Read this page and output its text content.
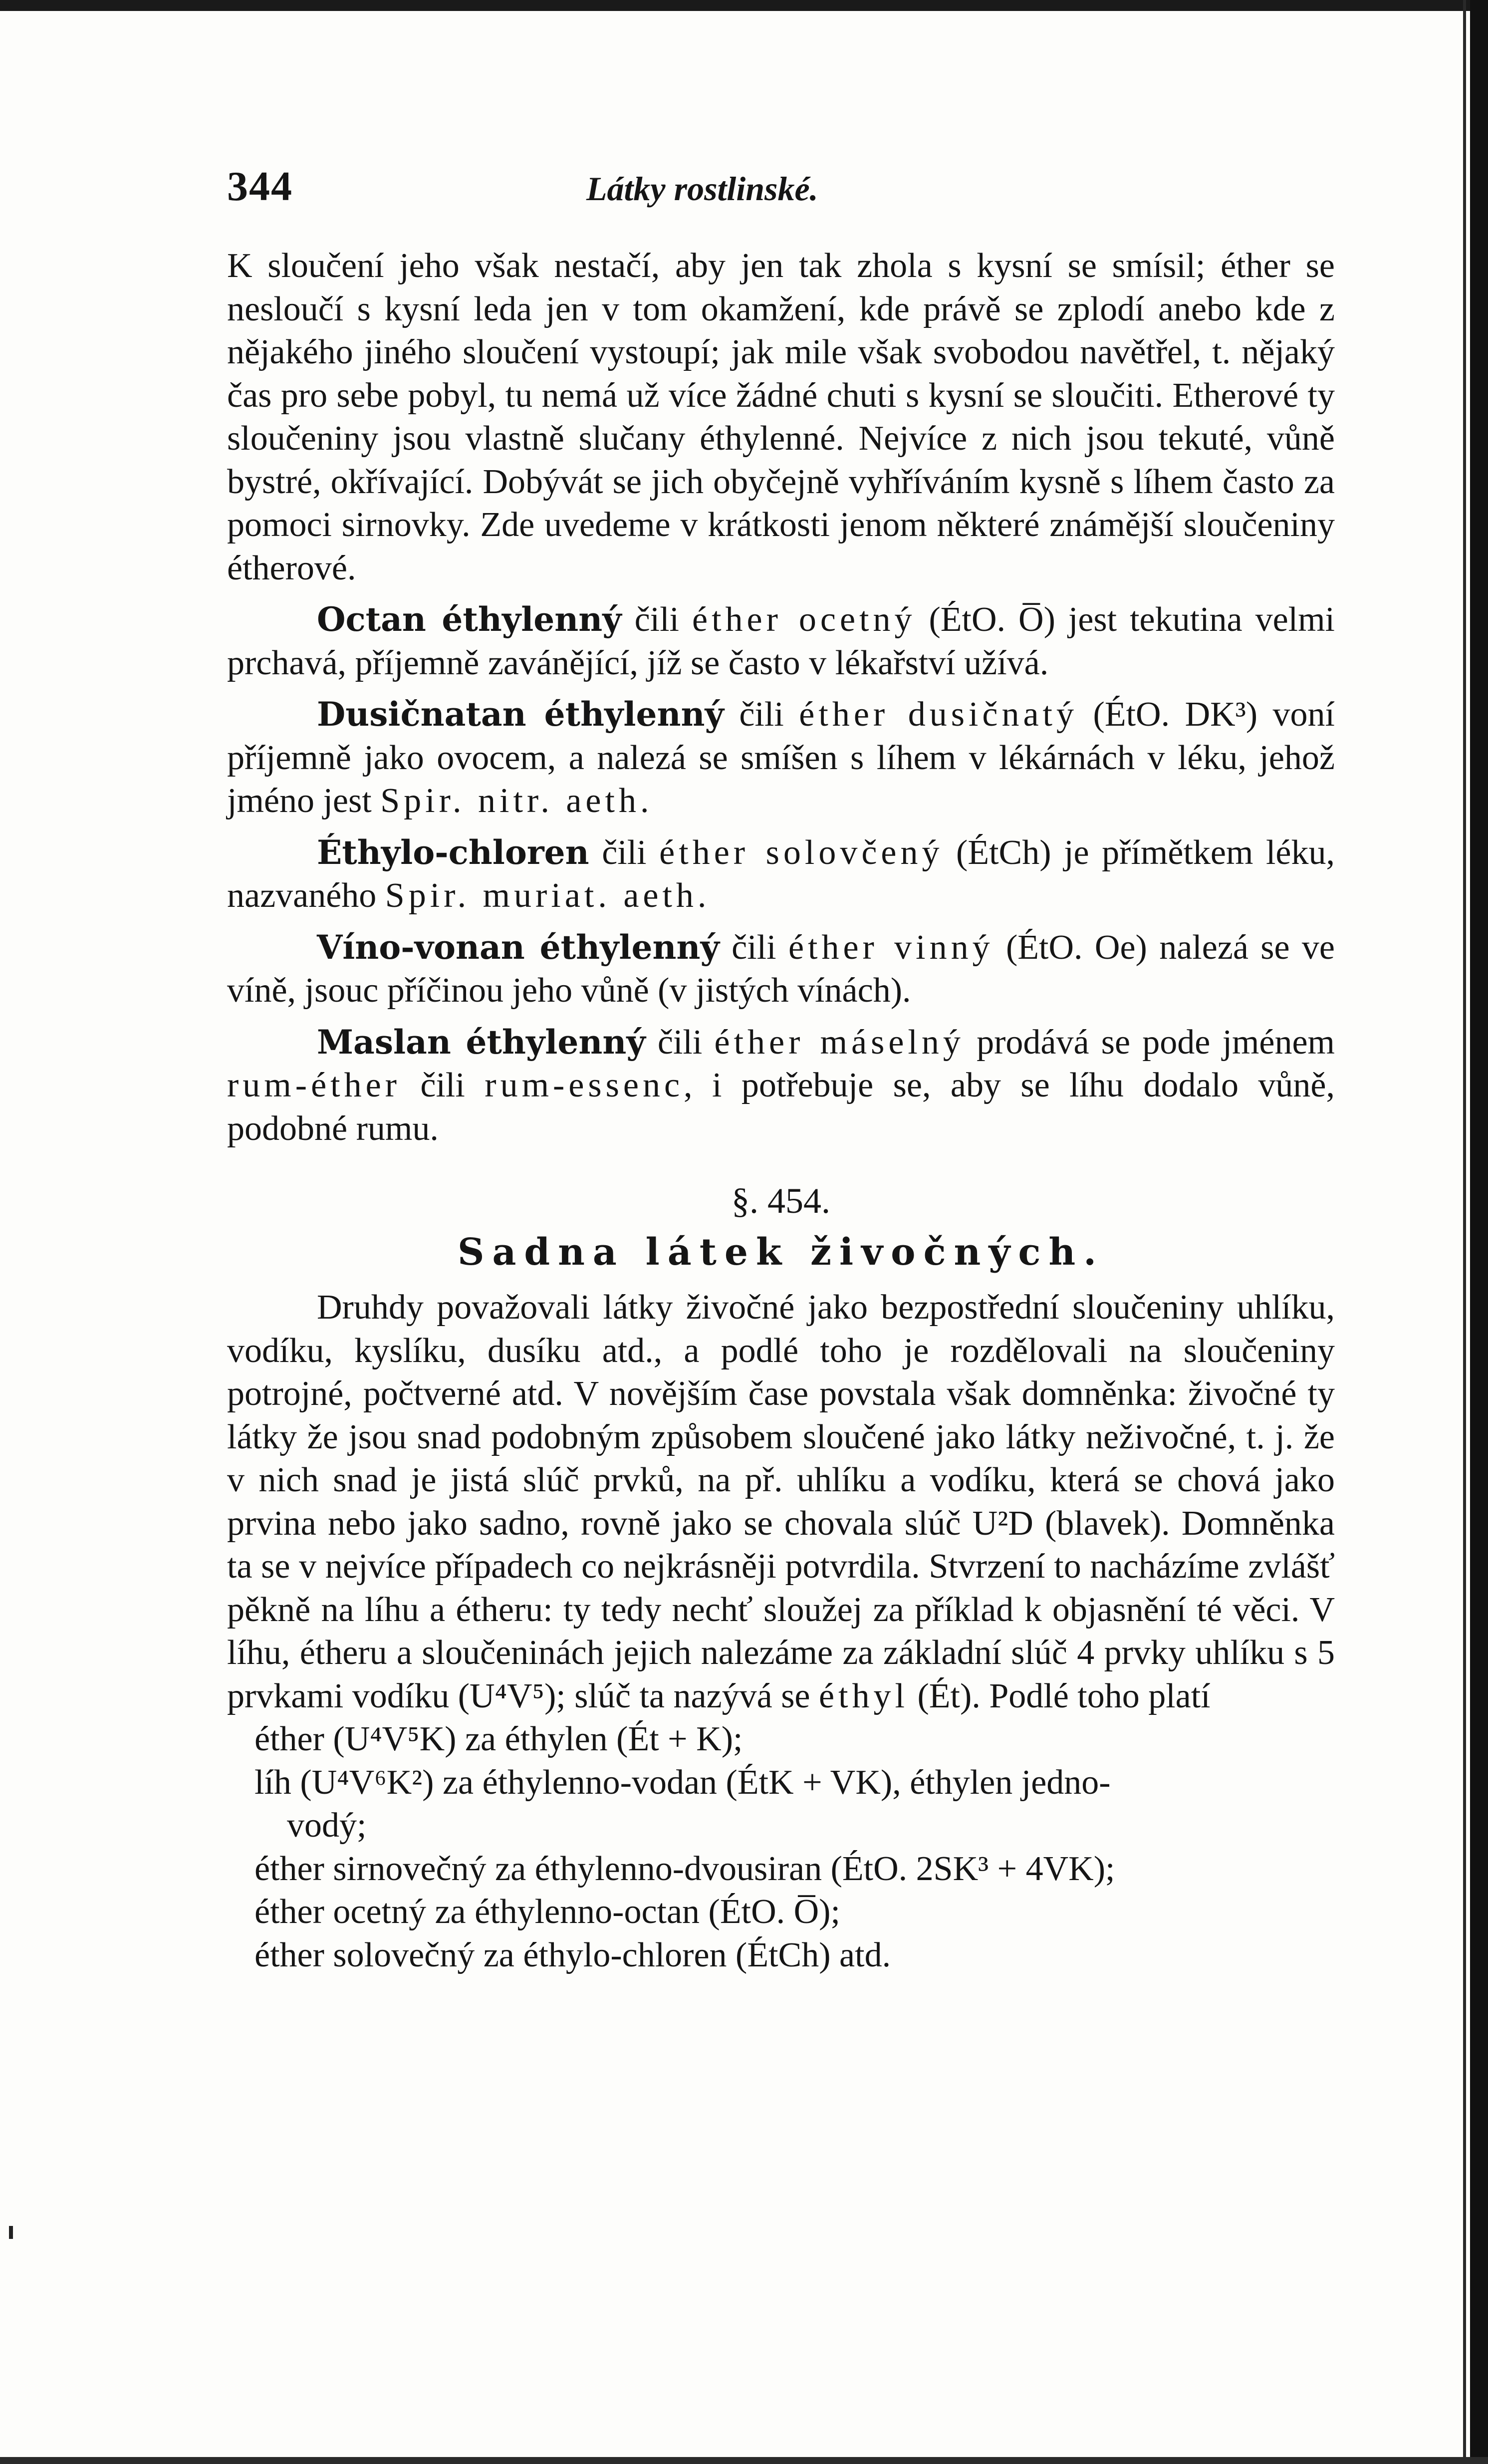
344	Látky rostlinské.

K sloučení jeho však nestačí, aby jen tak zhola s kysní se smísil; éther se nesloučí s kysní leda jen v tom okamžení, kde právě se zplodí anebo kde z nějakého jiného sloučení vystoupí; jak mile však svobodou navětřel, t. nějaký čas pro sebe pobyl, tu nemá už více žádné chuti s kysní se sloučiti. Etherové ty sloučeniny jsou vlastně slučany éthylenné. Nejvíce z nich jsou tekuté, vůně bystré, okřívající. Dobývát se jich obyčejně vyhříváním kysně s líhem často za pomoci sirnovky. Zde uvedeme v krátkosti jenom některé známější sloučeniny étherové.

Octan éthylenný čili éther ocetný (ÉtO. O̅) jest tekutina velmi prchavá, příjemně zavánějící, jíž se často v lékařství užívá.

Dusičnatan éthylenný čili éther dusičnatý (ÉtO. DK³) voní příjemně jako ovocem, a nalezá se smíšen s líhem v lékárnách v léku, jehož jméno jest Spir. nitr. aeth.

Éthylo-chloren čili éther solovčený (ÉtCh) je přímětkem léku, nazvaného Spir. muriat. aeth.

Víno-vonan éthylenný čili éther vinný (ÉtO. Oe) nalezá se ve víně, jsouc příčinou jeho vůně (v jistých vínách).

Maslan éthylenný čili éther máselný prodává se pode jménem rum-éther čili rum-essenc, i potřebuje se, aby se líhu dodalo vůně, podobné rumu.

§. 454.

Sadna látek živočných.

Druhdy považovali látky živočné jako bezpostřední sloučeniny uhlíku, vodíku, kyslíku, dusíku atd., a podlé toho je rozdělovali na sloučeniny potrojné, počtverné atd. V novějším čase povstala však domněnka: živočné ty látky že jsou snad podobným způsobem sloučené jako látky neživočné, t. j. že v nich snad je jistá slúč prvků, na př. uhlíku a vodíku, která se chová jako prvina nebo jako sadno, rovně jako se chovala slúč U²D (blavek). Domněnka ta se v nejvíce případech co nejkrásněji potvrdila. Stvrzení to nacházíme zvlášť pěkně na líhu a étheru: ty tedy nechť sloužej za příklad k objasnění té věci. V líhu, étheru a sloučeninách jejich nalezáme za základní slúč 4 prvky uhlíku s 5 prvkami vodíku (U⁴V⁵); slúč ta nazývá se éthyl (Ét). Podlé toho platí

éther (U⁴V⁵K) za éthylen (Ét + K);

líh (U⁴V⁶K²) za éthylenno-vodan (ÉtK + VK), éthylen jedno-

vodý;

éther sirnovečný za éthylenno-dvousiran (ÉtO. 2SK³ + 4VK);

éther ocetný za éthylenno-octan (ÉtO. O̅);

éther solovečný za éthylo-chloren (ÉtCh) atd.
